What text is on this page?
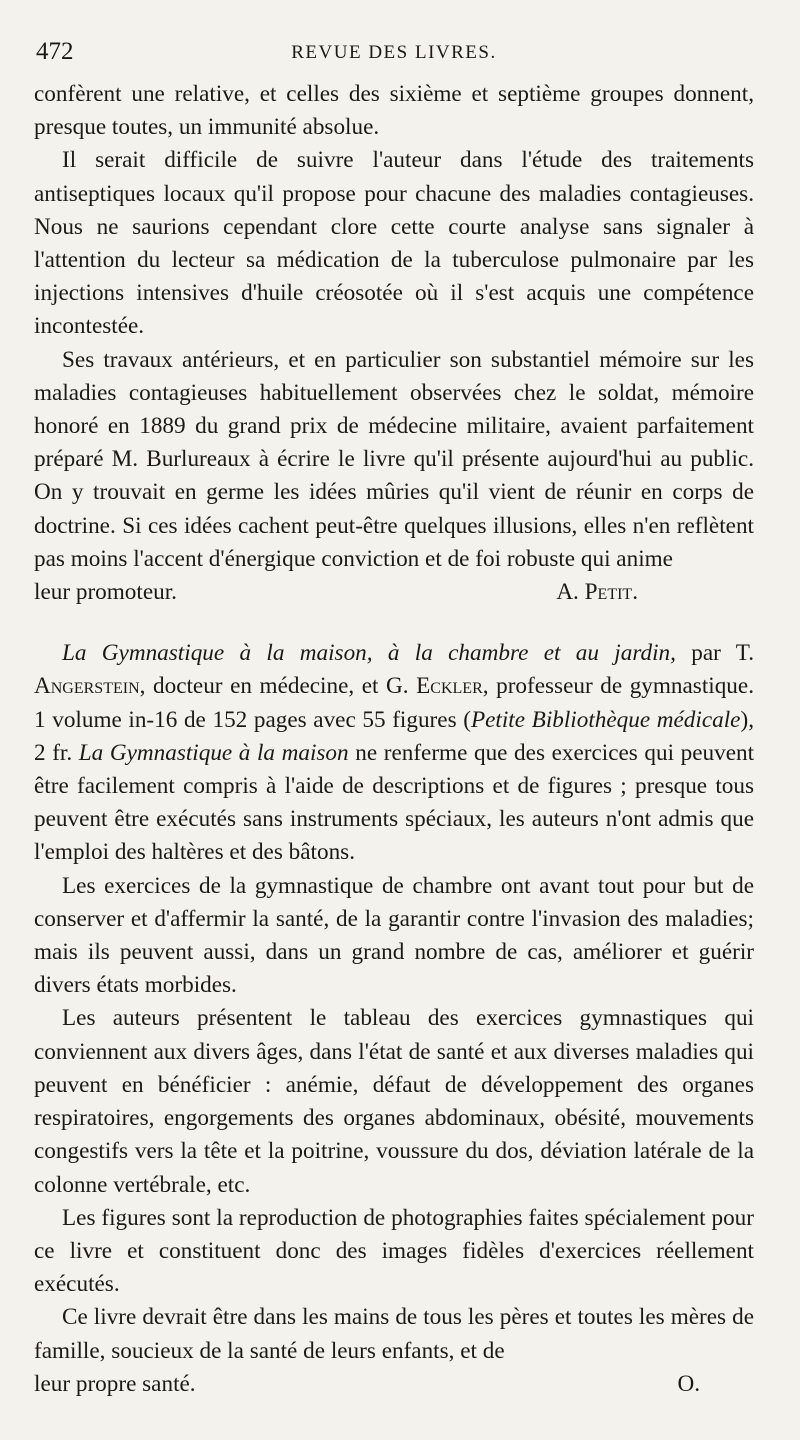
472	REVUE DES LIVRES.

confèrent une relative, et celles des sixième et septième groupes donnent, presque toutes, un immunité absolue.

Il serait difficile de suivre l'auteur dans l'étude des traitements antiseptiques locaux qu'il propose pour chacune des maladies contagieuses. Nous ne saurions cependant clore cette courte analyse sans signaler à l'attention du lecteur sa médication de la tuberculose pulmonaire par les injections intensives d'huile créosotée où il s'est acquis une compétence incontestée.

Ses travaux antérieurs, et en particulier son substantiel mémoire sur les maladies contagieuses habituellement observées chez le soldat, mémoire honoré en 1889 du grand prix de médecine militaire, avaient parfaitement préparé M. Burlureaux à écrire le livre qu'il présente aujourd'hui au public. On y trouvait en germe les idées mûries qu'il vient de réunir en corps de doctrine. Si ces idées cachent peut-être quelques illusions, elles n'en reflètent pas moins l'accent d'énergique conviction et de foi robuste qui anime

leur promoteur.	A. Petit.

La Gymnastique à la maison, à la chambre et au jardin, par T. Angerstein, docteur en médecine, et G. Eckler, professeur de gymnastique. 1 volume in-16 de 152 pages avec 55 figures (Petite Bibliothèque médicale), 2 fr. La Gymnastique à la maison ne renferme que des exercices qui peuvent être facilement compris à l'aide de descriptions et de figures ; presque tous peuvent être exécutés sans instruments spéciaux, les auteurs n'ont admis que l'emploi des haltères et des bâtons.

Les exercices de la gymnastique de chambre ont avant tout pour but de conserver et d'affermir la santé, de la garantir contre l'invasion des maladies; mais ils peuvent aussi, dans un grand nombre de cas, améliorer et guérir divers états morbides.

Les auteurs présentent le tableau des exercices gymnastiques qui conviennent aux divers âges, dans l'état de santé et aux diverses maladies qui peuvent en bénéficier : anémie, défaut de développement des organes respiratoires, engorgements des organes abdominaux, obésité, mouvements congestifs vers la tête et la poitrine, voussure du dos, déviation latérale de la colonne vertébrale, etc.

Les figures sont la reproduction de photographies faites spécialement pour ce livre et constituent donc des images fidèles d'exercices réellement exécutés.

Ce livre devrait être dans les mains de tous les pères et toutes les mères de famille, soucieux de la santé de leurs enfants, et de

leur propre santé.	O.
